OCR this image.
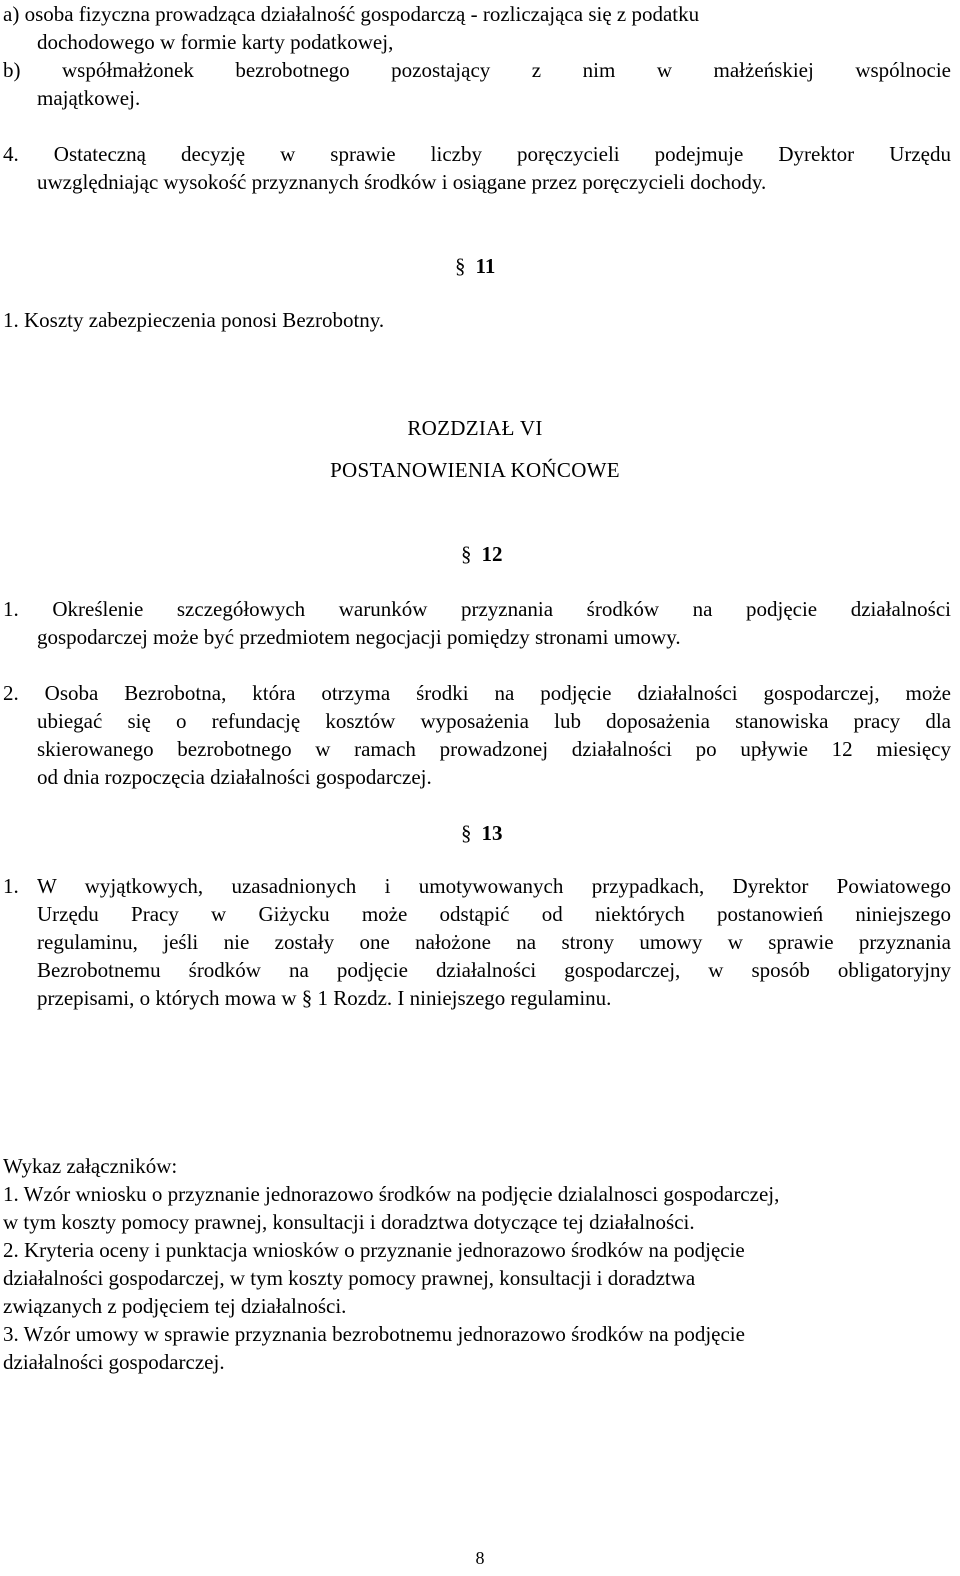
a) osoba fizyczna prowadząca działalność gospodarczą - rozliczająca się z podatku
dochodowego w formie karty podatkowej,
b) współmałżonek bezrobotnego pozostający z nim w małżeńskiej wspólnocie
majątkowej.
4. Ostateczną decyzję w sprawie liczby poręczycieli podejmuje Dyrektor Urzędu
uwzględniając wysokość przyznanych środków i osiągane przez poręczycieli dochody.
§ 11
1. Koszty zabezpieczenia ponosi Bezrobotny.
ROZDZIAŁ VI
POSTANOWIENIA KOŃCOWE
§ 12
1. Określenie szczegółowych warunków przyznania środków na podjęcie działalności
gospodarczej może być przedmiotem negocjacji pomiędzy stronami umowy.
2. Osoba Bezrobotna, która otrzyma środki na podjęcie działalności gospodarczej, może
ubiegać się o refundację kosztów wyposażenia lub doposażenia stanowiska pracy dla
skierowanego bezrobotnego w ramach prowadzonej działalności po upływie 12 miesięcy
od dnia rozpoczęcia działalności gospodarczej.
§ 13
1. W wyjątkowych, uzasadnionych i umotywowanych przypadkach, Dyrektor Powiatowego
Urzędu Pracy w Giżycku może odstąpić od niektórych postanowień niniejszego
regulaminu, jeśli nie zostały one nałożone na strony umowy w sprawie przyznania
Bezrobotnemu środków na podjęcie działalności gospodarczej, w sposób obligatoryjny
przepisami, o których mowa w § 1 Rozdz. I niniejszego regulaminu.
Wykaz załączników:
1. Wzór wniosku o przyznanie jednorazowo środków na podjęcie dzialalnosci gospodarczej,
w tym koszty pomocy prawnej, konsultacji i doradztwa dotyczące tej działalności.
2. Kryteria oceny i punktacja wniosków o przyznanie jednorazowo środków na podjęcie
działalności gospodarczej, w tym koszty pomocy prawnej, konsultacji i doradztwa
związanych z podjęciem tej działalności.
3. Wzór umowy w sprawie przyznania bezrobotnemu jednorazowo środków na podjęcie
działalności gospodarczej.
8
